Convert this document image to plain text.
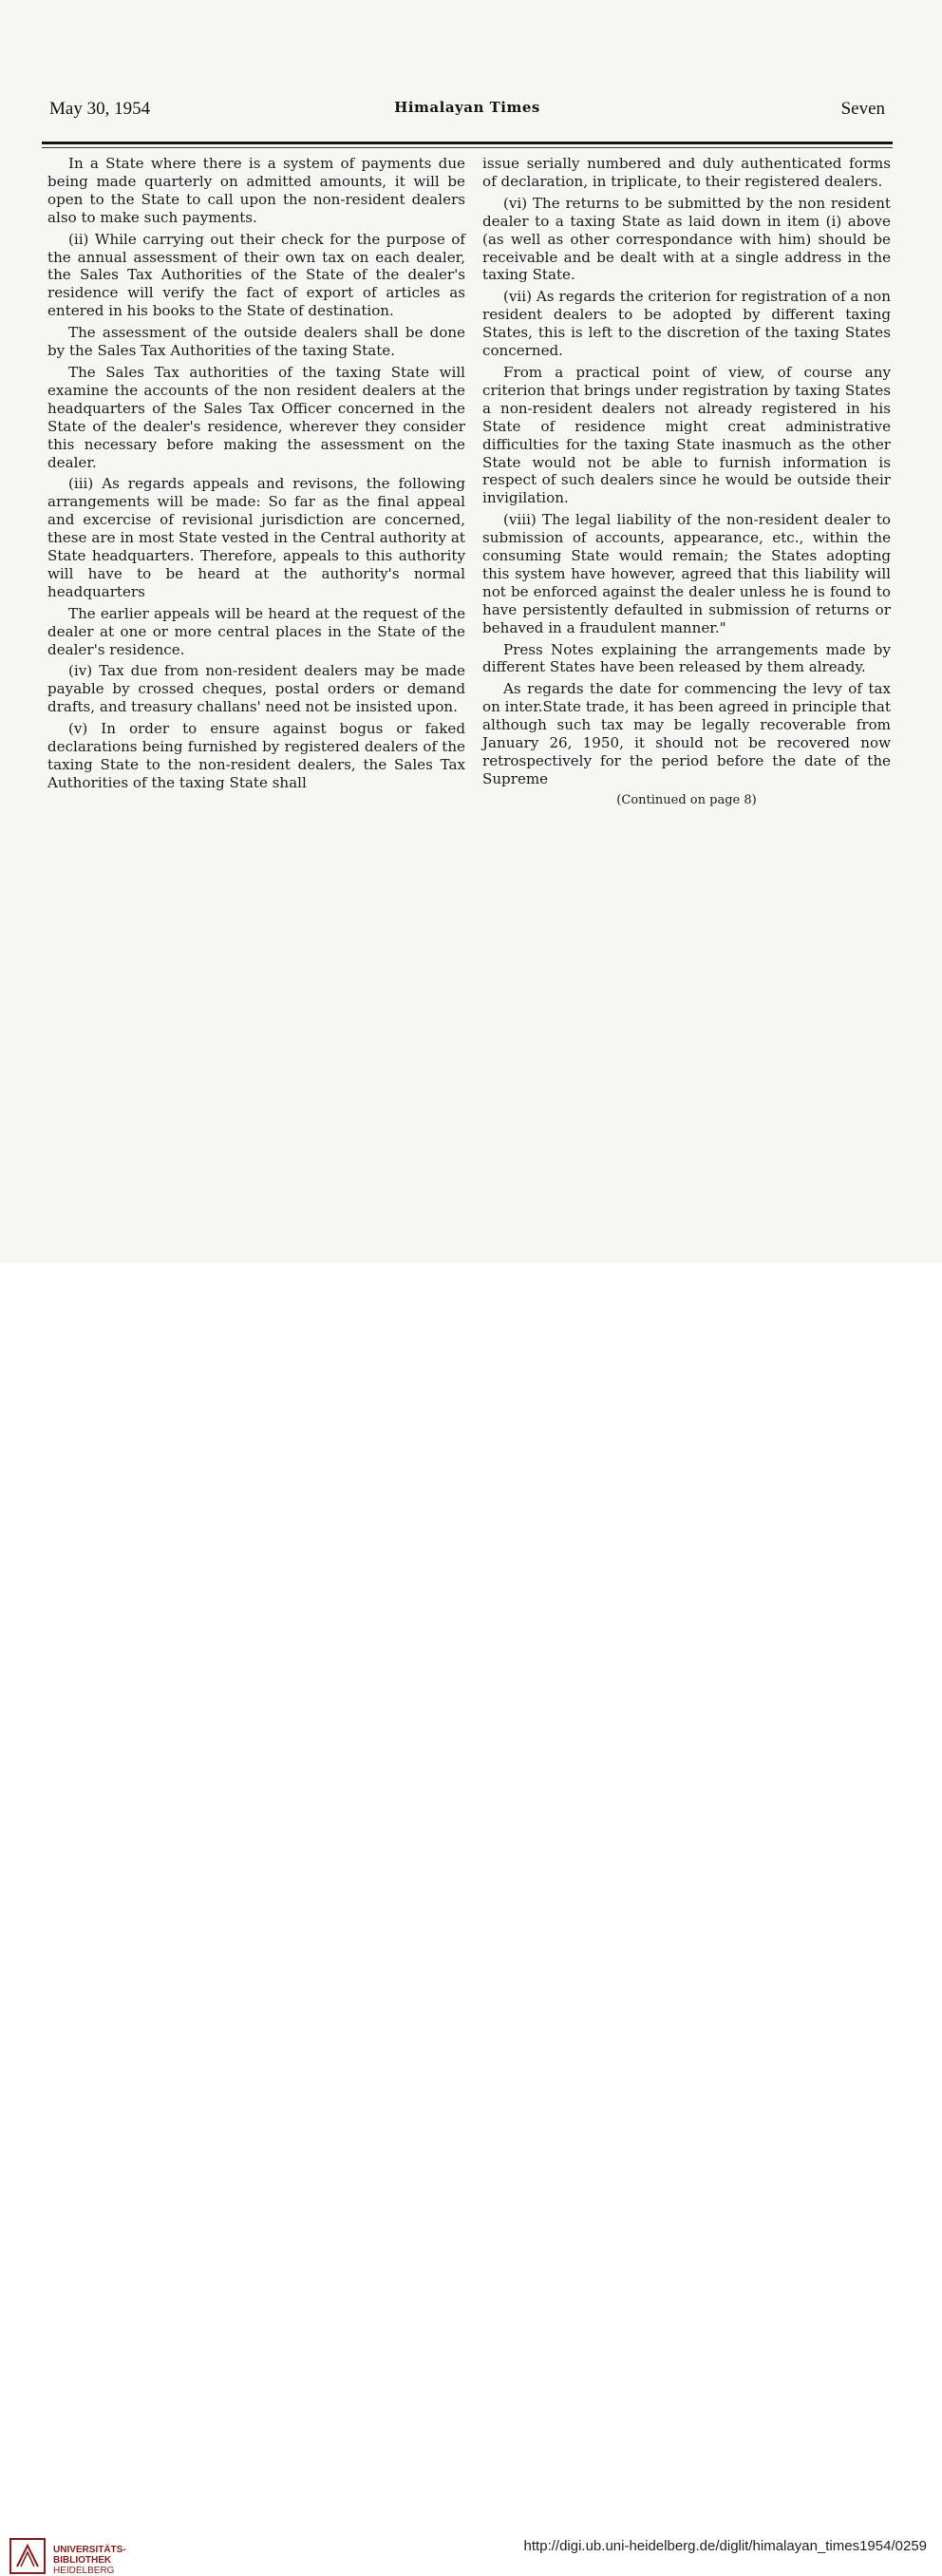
May 30, 1954	Himalayan Times	Seven

In a State where there is a system of payments due being made quarterly on admitted amounts, it will be open to the State to call upon the non-resident dealers also to make such payments.

(ii) While carrying out their check for the purpose of the annual assessment of their own tax on each dealer, the Sales Tax Authorities of the State of the dealer's residence will verify the fact of export of articles as entered in his books to the State of destination.

The assessment of the outside dealers shall be done by the Sales Tax Authorities of the taxing State.

The Sales Tax authorities of the taxing State will examine the accounts of the non resident dealers at the headquarters of the Sales Tax Officer concerned in the State of the dealer's residence, wherever they consider this necessary before making the assessment on the dealer.

(iii) As regards appeals and revisons, the following arrangements will be made: So far as the final appeal and excercise of revisional jurisdiction are concerned, these are in most State vested in the Central authority at State headquarters. Therefore, appeals to this authority will have to be heard at the authority's normal headquarters

The earlier appeals will be heard at the request of the dealer at one or more central places in the State of the dealer's residence.

(iv) Tax due from non-resident dealers may be made payable by crossed cheques, postal orders or demand drafts, and treasury challans' need not be insisted upon.

(v) In order to ensure against bogus or faked declarations being furnished by registered dealers of the taxing State to the non-resident dealers, the Sales Tax Authorities of the taxing State shall

issue serially numbered and duly authenticated forms of declaration, in triplicate, to their registered dealers.

(vi) The returns to be submitted by the non resident dealer to a taxing State as laid down in item (i) above (as well as other correspondance with him) should be receivable and be dealt with at a single address in the taxing State.

(vii) As regards the criterion for registration of a non resident dealers to be adopted by different taxing States, this is left to the discretion of the taxing States concerned.

From a practical point of view, of course any criterion that brings under registration by taxing States a non-resident dealers not already registered in his State of residence might creat administrative difficulties for the taxing State inasmuch as the other State would not be able to furnish information is respect of such dealers since he would be outside their invigilation.

(viii) The legal liability of the non-resident dealer to submission of accounts, appearance, etc., within the consuming State would remain; the States adopting this system have however, agreed that this liability will not be enforced against the dealer unless he is found to have persistently defaulted in submission of returns or behaved in a fraudulent manner."

Press Notes explaining the arrangements made by different States have been released by them already.

As regards the date for commencing the levy of tax on inter.State trade, it has been agreed in principle that although such tax may be legally recoverable from January 26, 1950, it should not be recovered now retrospectively for the period before the date of the Supreme

(Continued on page 8)

UNIVERSITÄTS-
BIBLIOTHEK
HEIDELBERG
http://digi.ub.uni-heidelberg.de/diglit/himalayan_times1954/0259
